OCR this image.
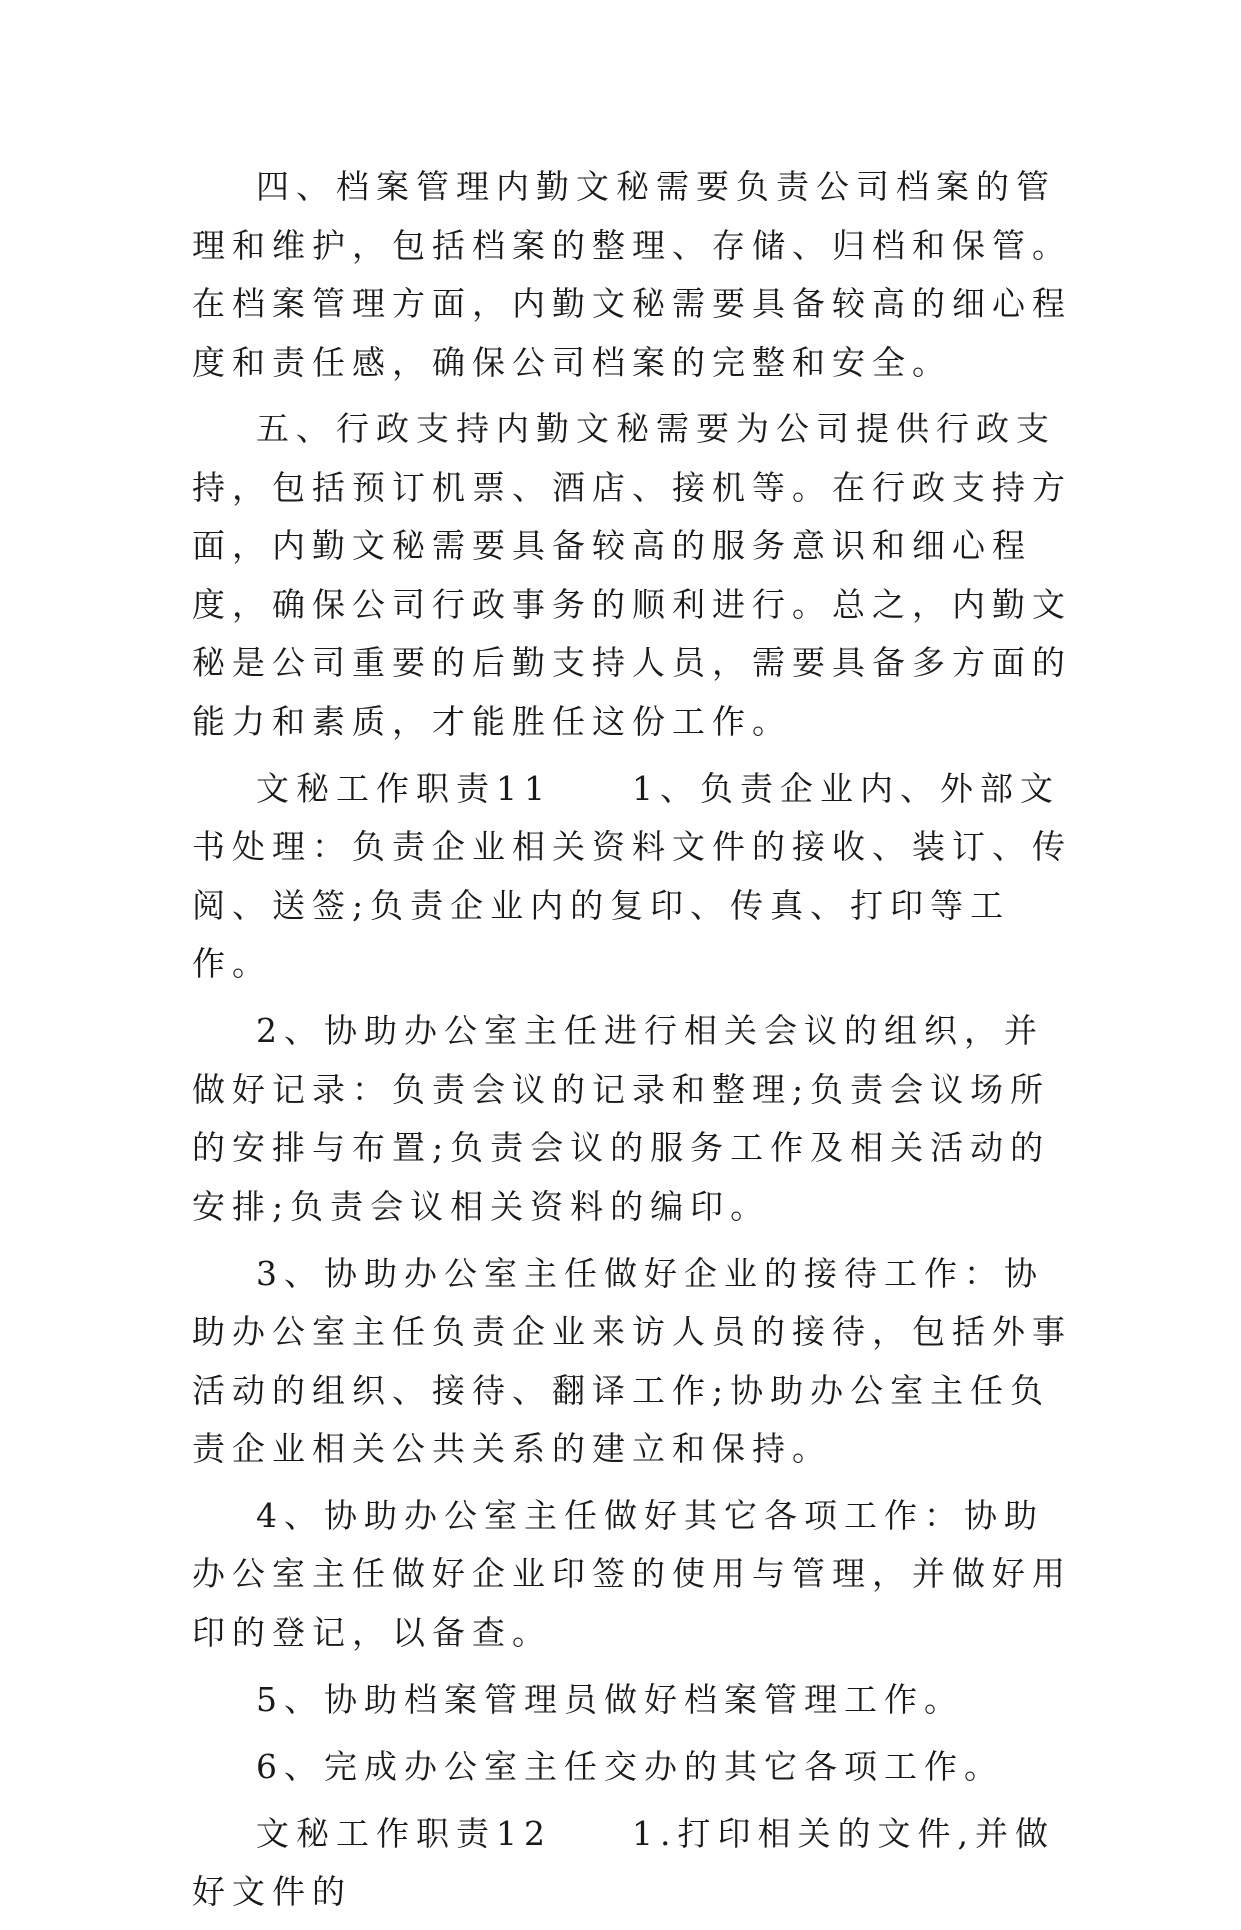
四、档案管理内勤文秘需要负责公司档案的管理和维护，包括档案的整理、存储、归档和保管。在档案管理方面，内勤文秘需要具备较高的细心程度和责任感，确保公司档案的完整和安全。

五、行政支持内勤文秘需要为公司提供行政支持，包括预订机票、酒店、接机等。在行政支持方面，内勤文秘需要具备较高的服务意识和细心程度，确保公司行政事务的顺利进行。总之，内勤文秘是公司重要的后勤支持人员，需要具备多方面的能力和素质，才能胜任这份工作。

文秘工作职责11　　1、负责企业内、外部文书处理：负责企业相关资料文件的接收、装订、传阅、送签;负责企业内的复印、传真、打印等工作。

2、协助办公室主任进行相关会议的组织，并做好记录：负责会议的记录和整理;负责会议场所的安排与布置;负责会议的服务工作及相关活动的安排;负责会议相关资料的编印。

3、协助办公室主任做好企业的接待工作：协助办公室主任负责企业来访人员的接待，包括外事活动的组织、接待、翻译工作;协助办公室主任负责企业相关公共关系的建立和保持。

4、协助办公室主任做好其它各项工作：协助办公室主任做好企业印签的使用与管理，并做好用印的登记，以备查。

5、协助档案管理员做好档案管理工作。

6、完成办公室主任交办的其它各项工作。

文秘工作职责12　　1.打印相关的文件,并做好文件的
